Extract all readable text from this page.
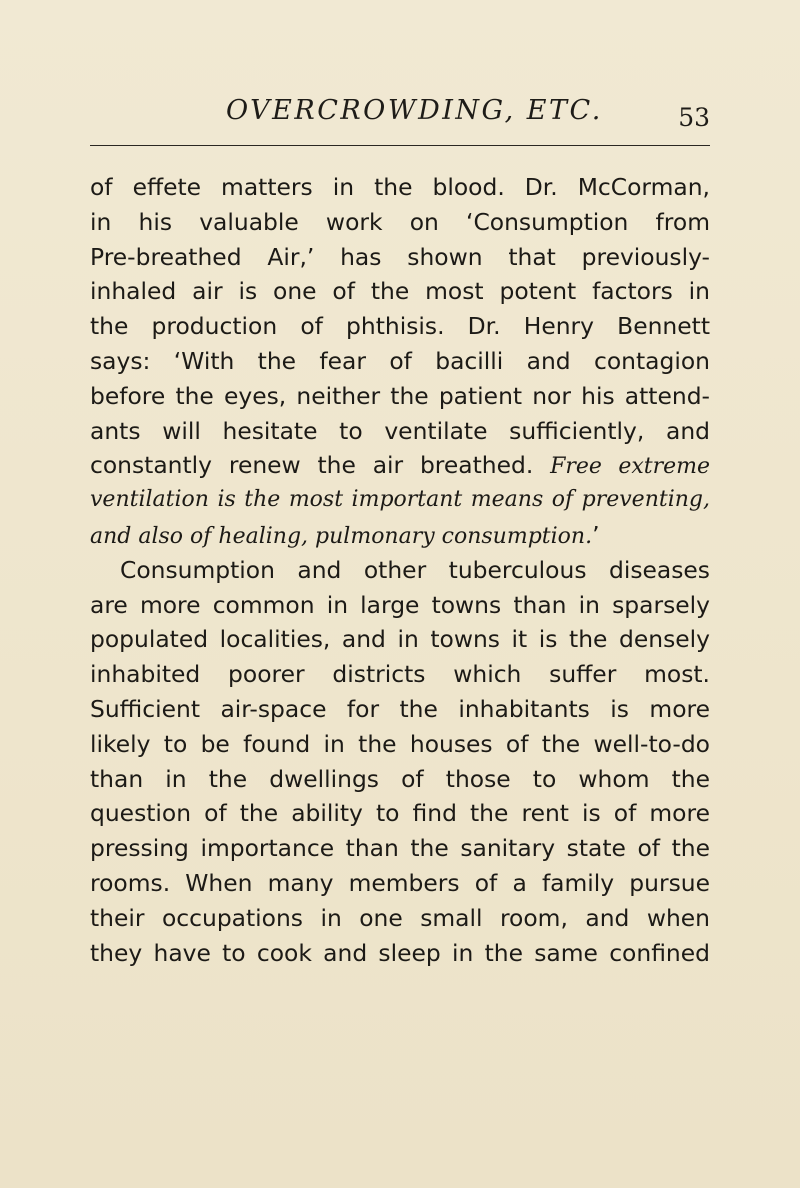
OVERCROWDING, ETC.	53
of effete matters in the blood. Dr. McCorman,
in his valuable work on ‘Consumption from
Pre-breathed Air,’ has shown that previously-
inhaled air is one of the most potent factors in
the production of phthisis. Dr. Henry Bennett
says: ‘With the fear of bacilli and contagion
before the eyes, neither the patient nor his attend-
ants will hesitate to ventilate sufficiently, and
constantly renew the air breathed. Free extreme
ventilation is the most important means of preventing,
and also of healing, pulmonary consumption.’
Consumption and other tuberculous diseases
are more common in large towns than in sparsely
populated localities, and in towns it is the densely
inhabited poorer districts which suffer most.
Sufficient air-space for the inhabitants is more
likely to be found in the houses of the well-to-do
than in the dwellings of those to whom the
question of the ability to find the rent is of more
pressing importance than the sanitary state of the
rooms. When many members of a family pursue
their occupations in one small room, and when
they have to cook and sleep in the same confined
